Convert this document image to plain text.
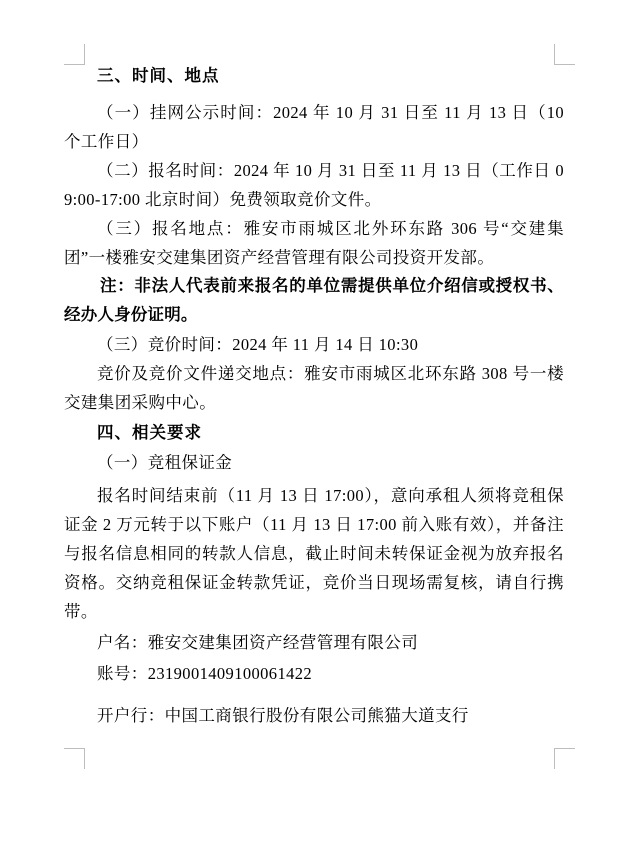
三、时间、地点

（一）挂网公示时间：2024 年 10 月 31 日至 11 月 13 日（10 个工作日）

（二）报名时间：2024 年 10 月 31 日至 11 月 13 日（工作日 09:00-17:00 北京时间）免费领取竞价文件。

（三）报名地点：雅安市雨城区北外环东路 306 号“交建集团”一楼雅安交建集团资产经营管理有限公司投资开发部。

注：非法人代表前来报名的单位需提供单位介绍信或授权书、经办人身份证明。

（三）竞价时间：2024 年 11 月 14 日 10:30

竞价及竞价文件递交地点：雅安市雨城区北环东路 308 号一楼交建集团采购中心。

四、相关要求

（一）竞租保证金

报名时间结束前（11 月 13 日 17:00），意向承租人须将竞租保证金 2 万元转于以下账户（11 月 13 日 17:00 前入账有效），并备注与报名信息相同的转款人信息，截止时间未转保证金视为放弃报名资格。交纳竞租保证金转款凭证，竞价当日现场需复核，请自行携带。

户名：雅安交建集团资产经营管理有限公司

账号：2319001409100061422

开户行：中国工商银行股份有限公司熊猫大道支行
